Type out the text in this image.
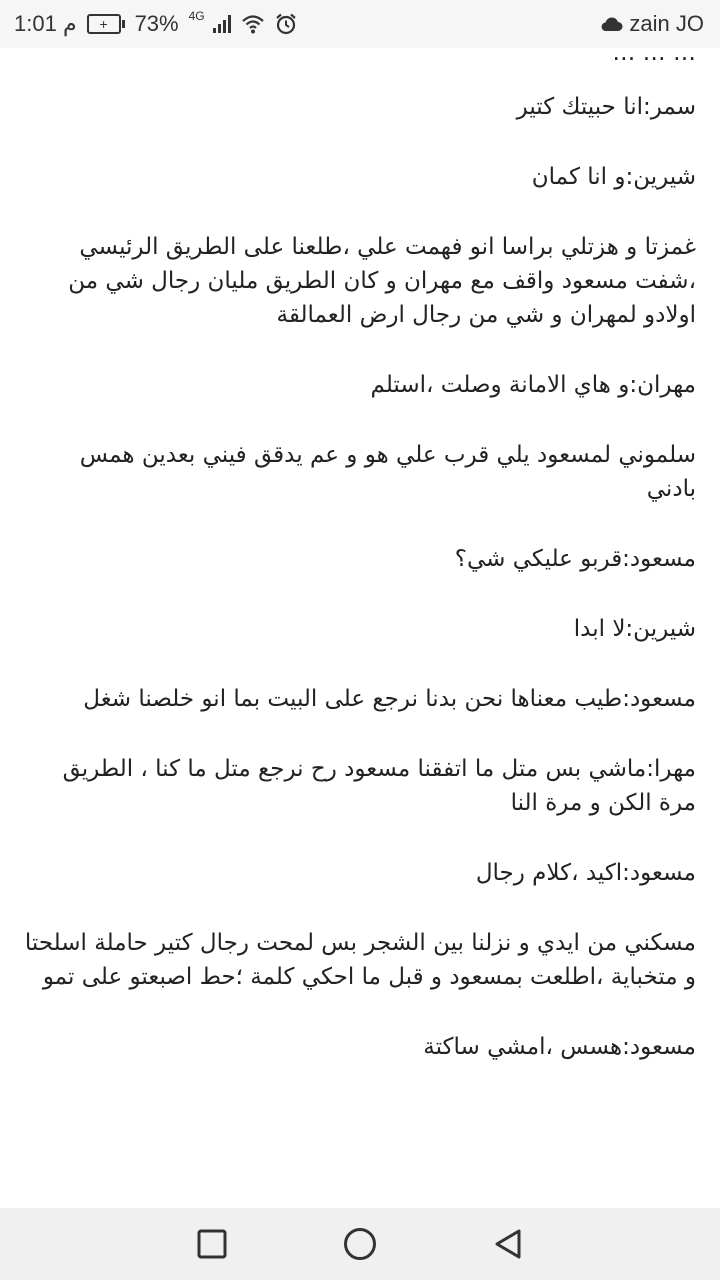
1:01 م + 73% 4G	zain JO
… … …

سمر:انا حبيتك كتير

شيرين:و انا كمان

غمزتا و هزتلي براسا انو فهمت علي ،طلعنا على الطريق الرئيسي ،شفت مسعود واقف مع مهران و كان الطريق مليان رجال شي من اولادو لمهران و شي من رجال ارض العمالقة

مهران:و هاي الامانة وصلت ،استلم

سلموني لمسعود يلي قرب علي هو و عم يدقق فيني بعدين همس بادني

مسعود:قربو عليكي شي؟

شيرين:لا ابدا

مسعود:طيب معناها نحن بدنا نرجع على البيت بما انو خلصنا شغل

مهرا:ماشي بس متل ما اتفقنا مسعود رح نرجع متل ما كنا ، الطريق مرة الكن و مرة النا

مسعود:اكيد ،كلام رجال

مسكني من ايدي و نزلنا بين الشجر بس لمحت رجال كتير حاملة اسلحتا و متخباية ،اطلعت بمسعود و قبل ما احكي كلمة ؛حط اصبعتو على تمو

مسعود:هسس ،امشي ساكتة
